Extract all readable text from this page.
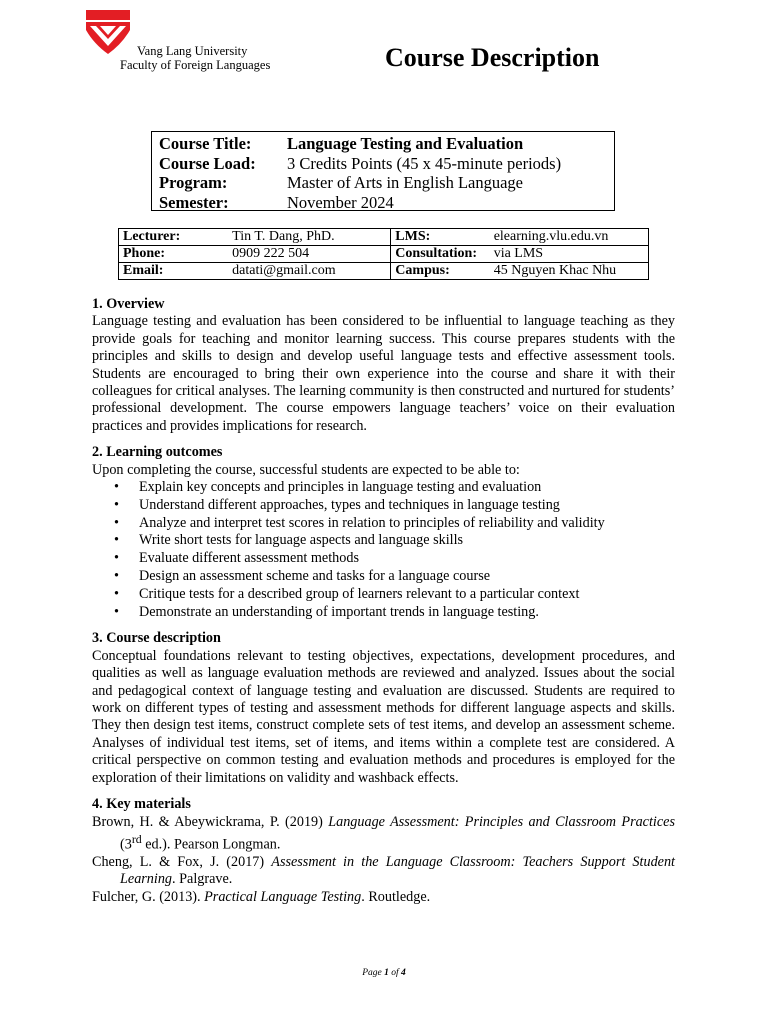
Vang Lang University
Faculty of Foreign Languages	Course Description
Course Title:	Language Testing and Evaluation
Course Load:	3 Credits Points (45 x 45-minute periods)
Program:	Master of Arts in English Language
Semester:	November 2024
Lecturer:	Tin T. Dang, PhD.	LMS:	elearning.vlu.edu.vn
Phone:	0909 222 504	Consultation:	via LMS
Email:	datati@gmail.com	Campus:	45 Nguyen Khac Nhu
1. Overview

Language testing and evaluation has been considered to be influential to language teaching as they provide goals for teaching and monitor learning success. This course prepares students with the principles and skills to design and develop useful language tests and effective assessment tools. Students are encouraged to bring their own experience into the course and share it with their colleagues for critical analyses. The learning community is then constructed and nurtured for students’ professional development. The course empowers language teachers’ voice on their evaluation practices and provides implications for research.

2. Learning outcomes

Upon completing the course, successful students are expected to be able to:

• Explain key concepts and principles in language testing and evaluation
• Understand different approaches, types and techniques in language testing
• Analyze and interpret test scores in relation to principles of reliability and validity
• Write short tests for language aspects and language skills
• Evaluate different assessment methods
• Design an assessment scheme and tasks for a language course
• Critique tests for a described group of learners relevant to a particular context
• Demonstrate an understanding of important trends in language testing.
3. Course description

Conceptual foundations relevant to testing objectives, expectations, development procedures, and qualities as well as language evaluation methods are reviewed and analyzed. Issues about the social and pedagogical context of language testing and evaluation are discussed. Students are required to work on different types of testing and assessment methods for different language aspects and skills. They then design test items, construct complete sets of test items, and develop an assessment scheme. Analyses of individual test items, set of items, and items within a complete test are considered. A critical perspective on common testing and evaluation methods and procedures is employed for the exploration of their limitations on validity and washback effects.

4. Key materials

Brown, H. & Abeywickrama, P. (2019) Language Assessment: Principles and Classroom Practices (3rd ed.). Pearson Longman.

Cheng, L. & Fox, J. (2017) Assessment in the Language Classroom: Teachers Support Student Learning. Palgrave.

Fulcher, G. (2013). Practical Language Testing. Routledge.

Page 1 of 4
